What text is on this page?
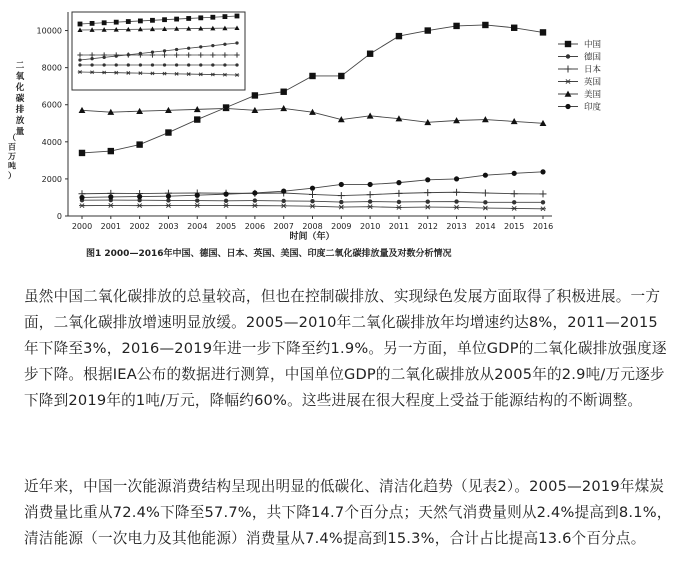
0
2000
4000
6000
8000
10000
2000 2001 2002 2003 2004 2005 2006 2007 2008 2009 2010 2011 2012 2013 2014 2015 2016
二
氧
化
碳
排
放
量
（
百
万
吨
）
中国
德国
日本
英国
美国
印度
时间（年）
图1 2000—2016年中国、德国、日本、英国、美国、印度二氧化碳排放量及对数分析情况

虽然中国二氧化碳排放的总量较高，但也在控制碳排放、实现绿色发展方面取得了积极进展。一方面，二氧化碳排放增速明显放缓。2005—2010年二氧化碳排放年均增速约达8%，2011—2015年下降至3%，2016—2019年进一步下降至约1.9%。另一方面，单位GDP的二氧化碳排放强度逐步下降。根据IEA公布的数据进行测算，中国单位GDP的二氧化碳排放从2005年的2.9吨/万元逐步下降到2019年的1吨/万元，降幅约60%。这些进展在很大程度上受益于能源结构的不断调整。

近年来，中国一次能源消费结构呈现出明显的低碳化、清洁化趋势（见表2）。2005—2019年煤炭消费量比重从72.4%下降至57.7%，共下降14.7个百分点；天然气消费量则从2.4%提高到8.1%，清洁能源（一次电力及其他能源）消费量从7.4%提高到15.3%，合计占比提高13.6个百分点。
